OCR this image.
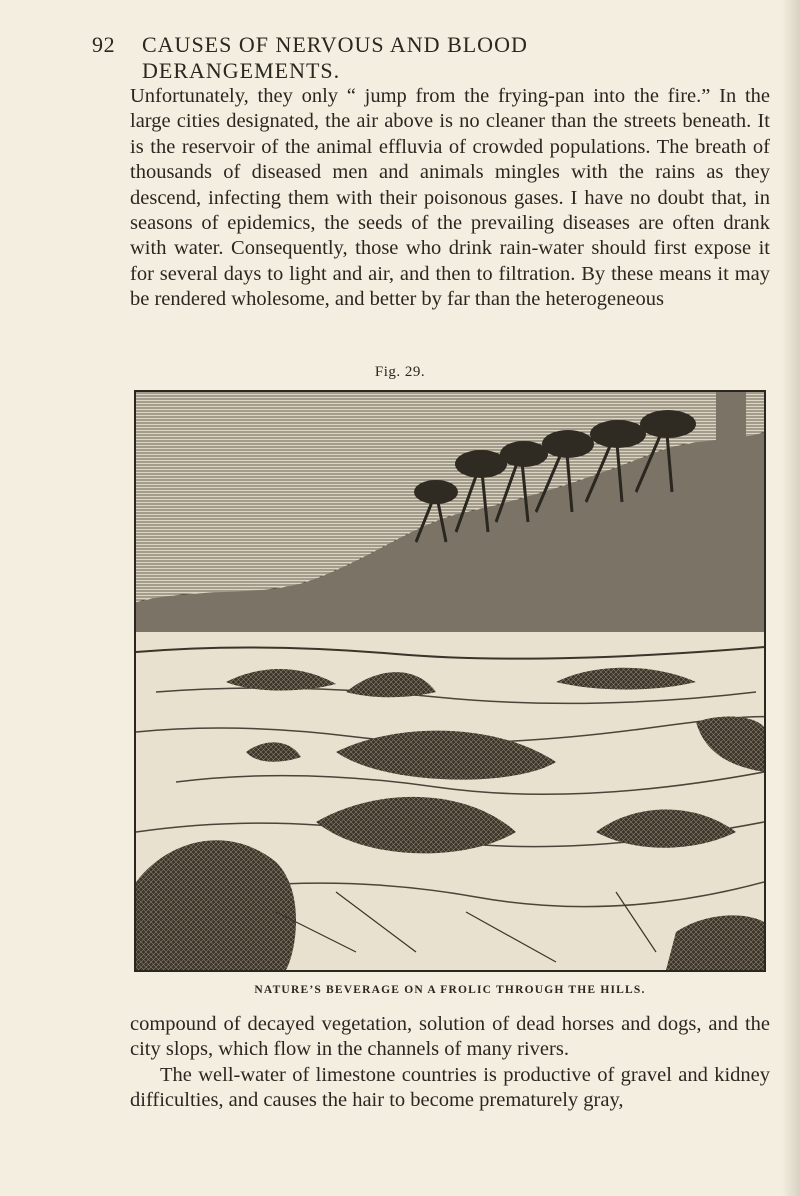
92 CAUSES OF NERVOUS AND BLOOD DERANGEMENTS.

Unfortunately, they only “ jump from the frying-pan into the fire.” In the large cities designated, the air above is no cleaner than the streets beneath. It is the reservoir of the animal effluvia of crowded populations. The breath of thousands of diseased men and animals mingles with the rains as they descend, infecting them with their poisonous gases. I have no doubt that, in seasons of epidemics, the seeds of the prevailing diseases are often drank with water. Consequently, those who drink rain-water should first expose it for several days to light and air, and then to filtration. By these means it may be rendered wholesome, and better by far than the heterogeneous

Fig. 29.
NATURE’S BEVERAGE ON A FROLIC THROUGH THE HILLS.

compound of decayed vegetation, solution of dead horses and dogs, and the city slops, which flow in the channels of many rivers.

The well-water of limestone countries is productive of gravel and kidney difficulties, and causes the hair to become prematurely gray,
